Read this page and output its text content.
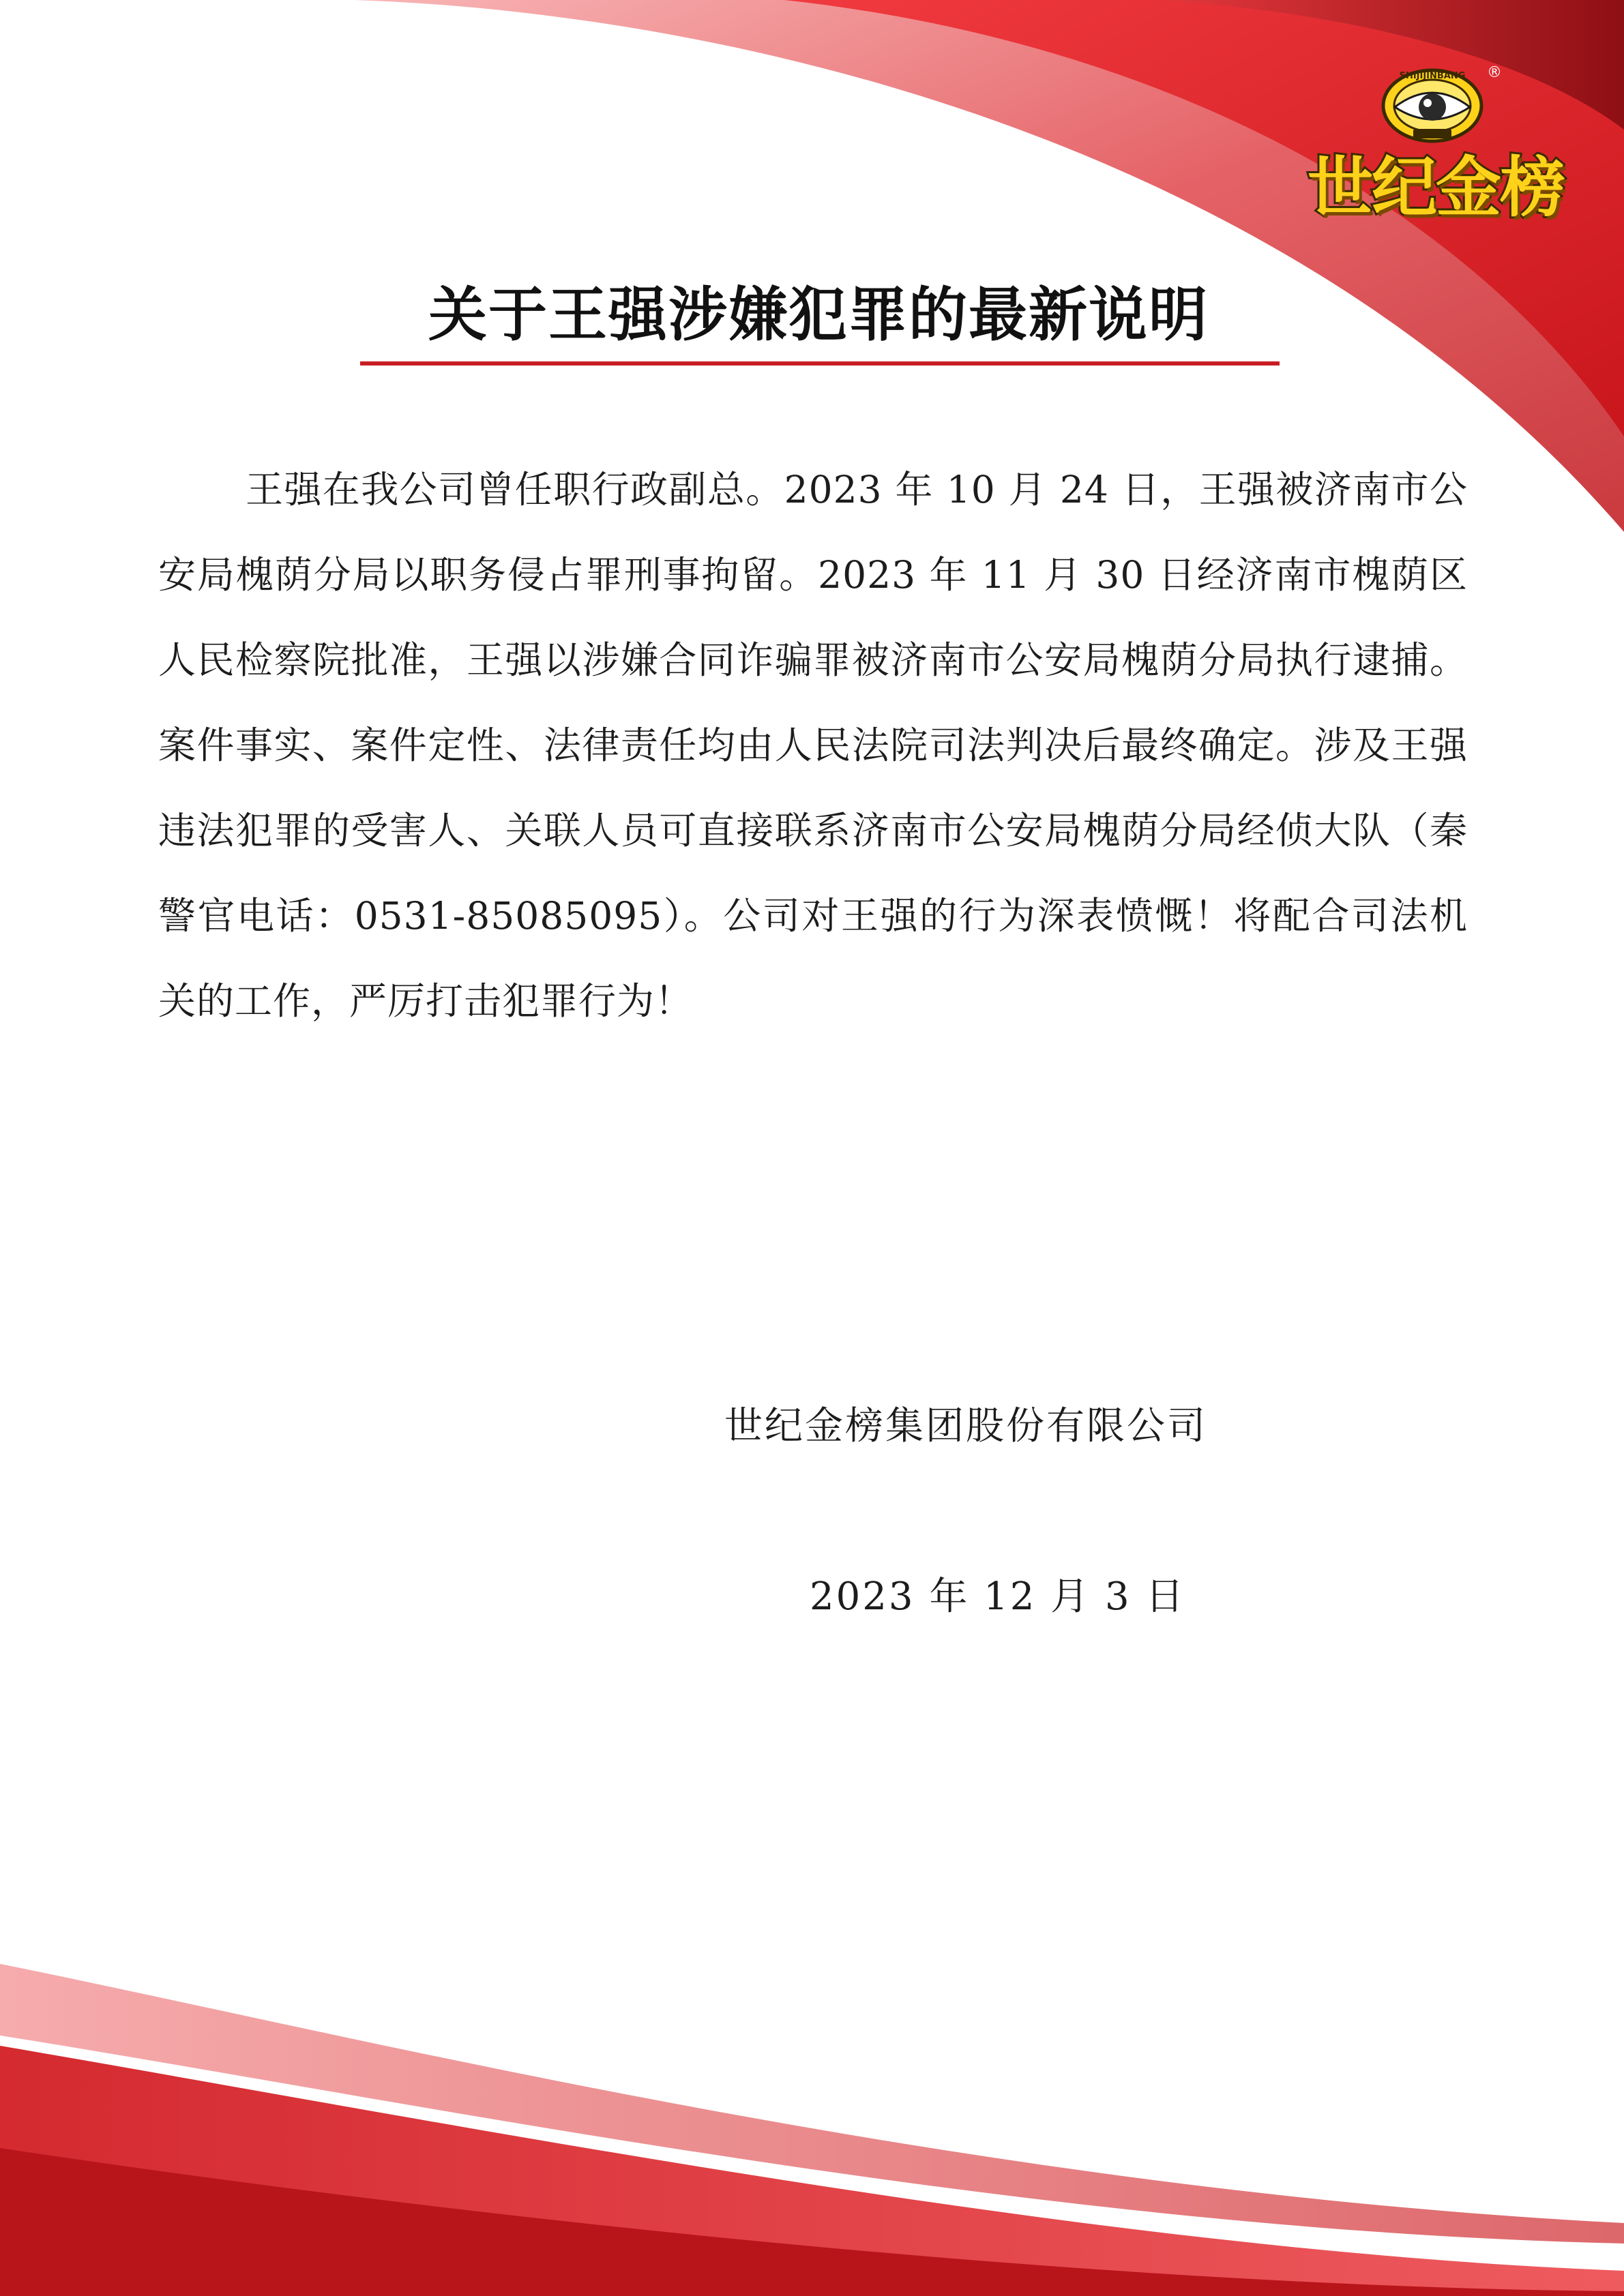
SHIJIJINBANG ®
世纪金榜
关于王强涉嫌犯罪的最新说明

王强在我公司曾任职行政副总。2023 年 10 月 24 日，王强被济南市公安局槐荫分局以职务侵占罪刑事拘留。2023 年 11 月 30 日经济南市槐荫区人民检察院批准，王强以涉嫌合同诈骗罪被济南市公安局槐荫分局执行逮捕。案件事实、案件定性、法律责任均由人民法院司法判决后最终确定。涉及王强违法犯罪的受害人、关联人员可直接联系济南市公安局槐荫分局经侦大队（秦警官电话：0531-85085095）。公司对王强的行为深表愤慨！将配合司法机关的工作，严厉打击犯罪行为！

世纪金榜集团股份有限公司
2023 年 12 月 3 日
